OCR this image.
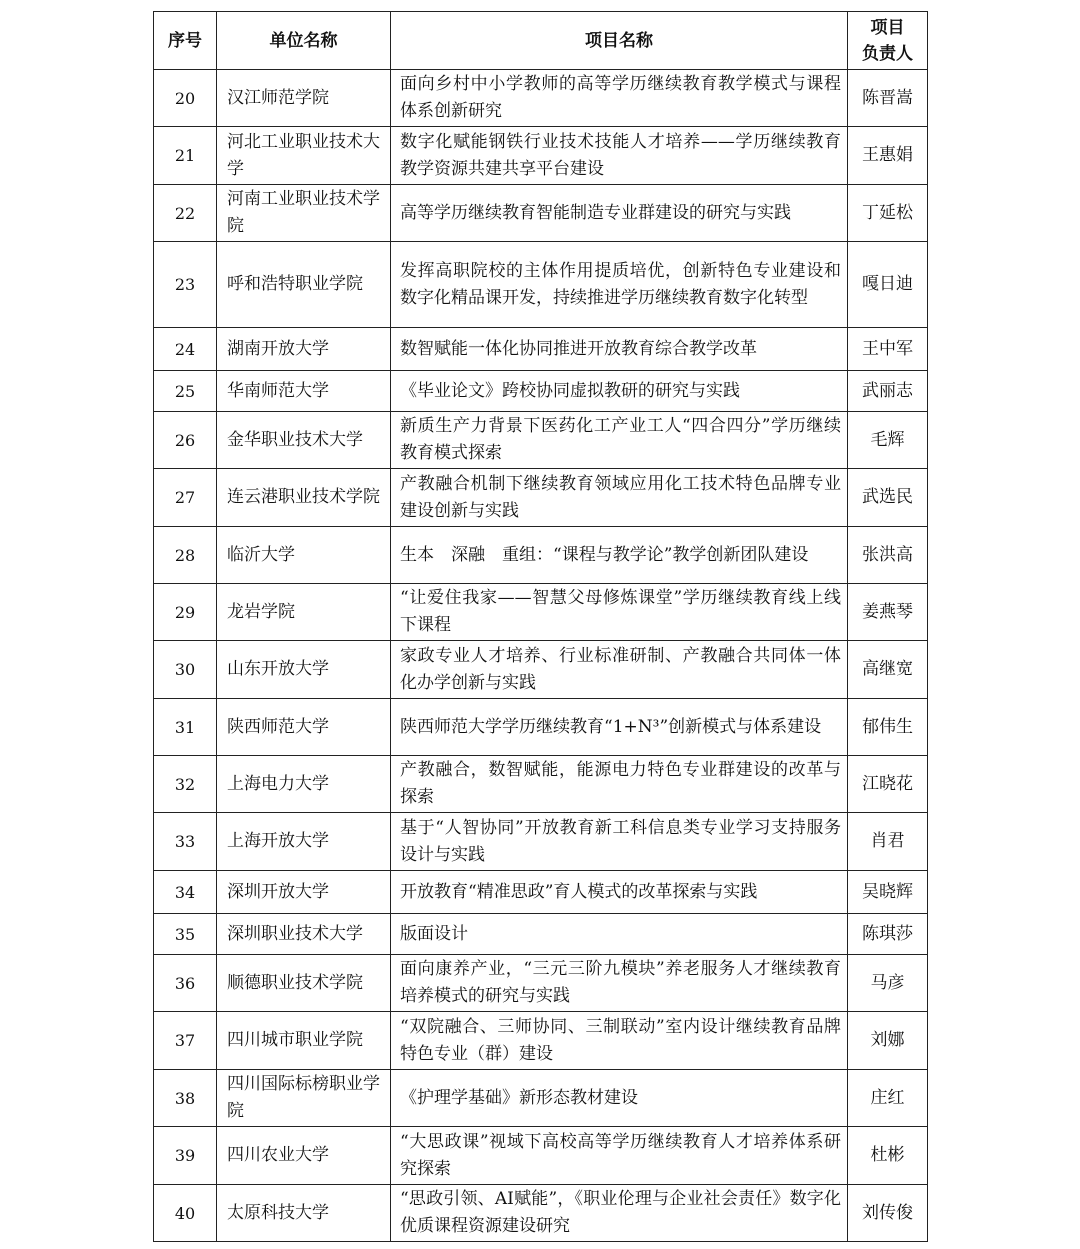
序号	单位名称	项目名称	项目
负责人

20	汉江师范学院	面向乡村中小学教师的高等学历继续教育教学模式与课程体系创新研究	陈晋嵩
21	河北工业职业技术大学	数字化赋能钢铁行业技术技能人才培养——学历继续教育教学资源共建共享平台建设	王惠娟
22	河南工业职业技术学院	高等学历继续教育智能制造专业群建设的研究与实践	丁延松
23	呼和浩特职业学院	发挥高职院校的主体作用提质培优，创新特色专业建设和数字化精品课开发，持续推进学历继续教育数字化转型	嘎日迪
24	湖南开放大学	数智赋能一体化协同推进开放教育综合教学改革	王中军
25	华南师范大学	《毕业论文》跨校协同虚拟教研的研究与实践	武丽志
26	金华职业技术大学	新质生产力背景下医药化工产业工人“四合四分”学历继续教育模式探索	毛辉
27	连云港职业技术学院	产教融合机制下继续教育领域应用化工技术特色品牌专业建设创新与实践	武选民
28	临沂大学	生本　深融　重组：“课程与教学论”教学创新团队建设	张洪高
29	龙岩学院	“让爱住我家——智慧父母修炼课堂”学历继续教育线上线下课程	姜燕琴
30	山东开放大学	家政专业人才培养、行业标准研制、产教融合共同体一体化办学创新与实践	高继宽
31	陕西师范大学	陕西师范大学学历继续教育“1+N³”创新模式与体系建设	郁伟生
32	上海电力大学	产教融合，数智赋能，能源电力特色专业群建设的改革与探索	江晓花
33	上海开放大学	基于“人智协同”开放教育新工科信息类专业学习支持服务设计与实践	肖君
34	深圳开放大学	开放教育“精准思政”育人模式的改革探索与实践	吴晓辉
35	深圳职业技术大学	版面设计	陈琪莎
36	顺德职业技术学院	面向康养产业，“三元三阶九模块”养老服务人才继续教育培养模式的研究与实践	马彦
37	四川城市职业学院	“双院融合、三师协同、三制联动”室内设计继续教育品牌特色专业（群）建设	刘娜
38	四川国际标榜职业学院	《护理学基础》新形态教材建设	庄红
39	四川农业大学	“大思政课”视域下高校高等学历继续教育人才培养体系研究探索	杜彬
40	太原科技大学	“思政引领、AI赋能”，《职业伦理与企业社会责任》数字化优质课程资源建设研究	刘传俊
